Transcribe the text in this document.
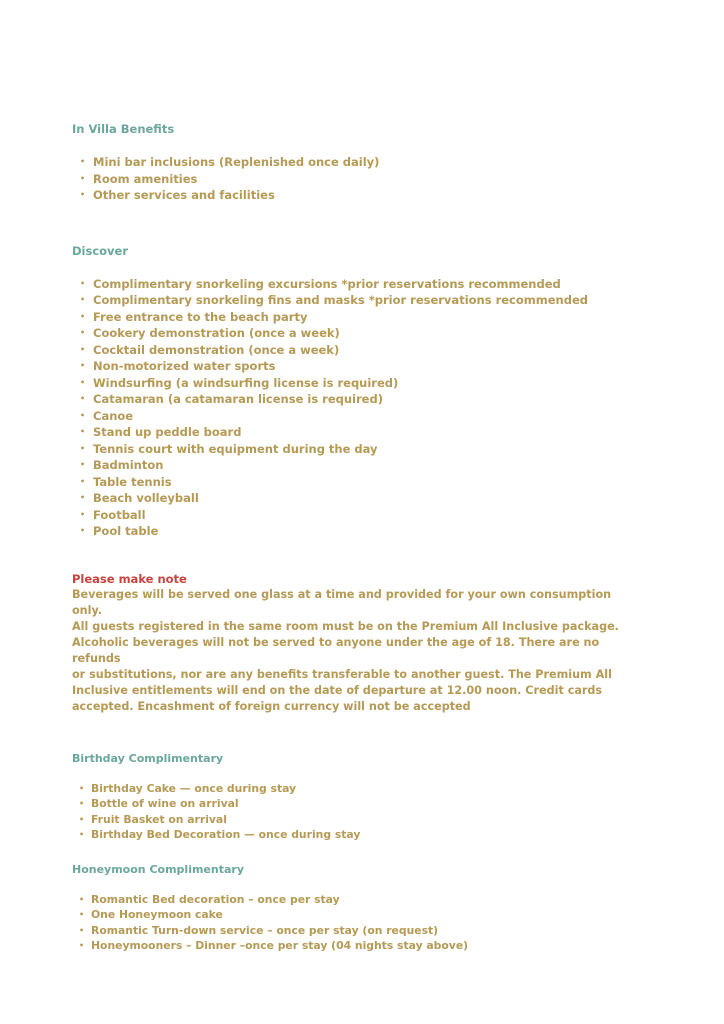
In Villa Benefits
• Mini bar inclusions (Replenished once daily)
• Room amenities
• Other services and facilities
Discover
• Complimentary snorkeling excursions *prior reservations recommended
• Complimentary snorkeling fins and masks *prior reservations recommended
• Free entrance to the beach party
• Cookery demonstration (once a week)
• Cocktail demonstration (once a week)
• Non-motorized water sports
• Windsurfing (a windsurfing license is required)
• Catamaran (a catamaran license is required)
• Canoe
• Stand up peddle board
• Tennis court with equipment during the day
• Badminton
• Table tennis
• Beach volleyball
• Football
• Pool table
Please make note

Beverages will be served one glass at a time and provided for your own consumption only.

All guests registered in the same room must be on the Premium All Inclusive package.

Alcoholic beverages will not be served to anyone under the age of 18. There are no refunds

or substitutions, nor are any benefits transferable to another guest. The Premium All

Inclusive entitlements will end on the date of departure at 12.00 noon. Credit cards

accepted. Encashment of foreign currency will not be accepted

Birthday Complimentary
• Birthday Cake — once during stay
• Bottle of wine on arrival
• Fruit Basket on arrival
• Birthday Bed Decoration — once during stay
Honeymoon Complimentary
• Romantic Bed decoration – once per stay
• One Honeymoon cake
• Romantic Turn-down service – once per stay (on request)
• Honeymooners – Dinner –once per stay (04 nights stay above)
